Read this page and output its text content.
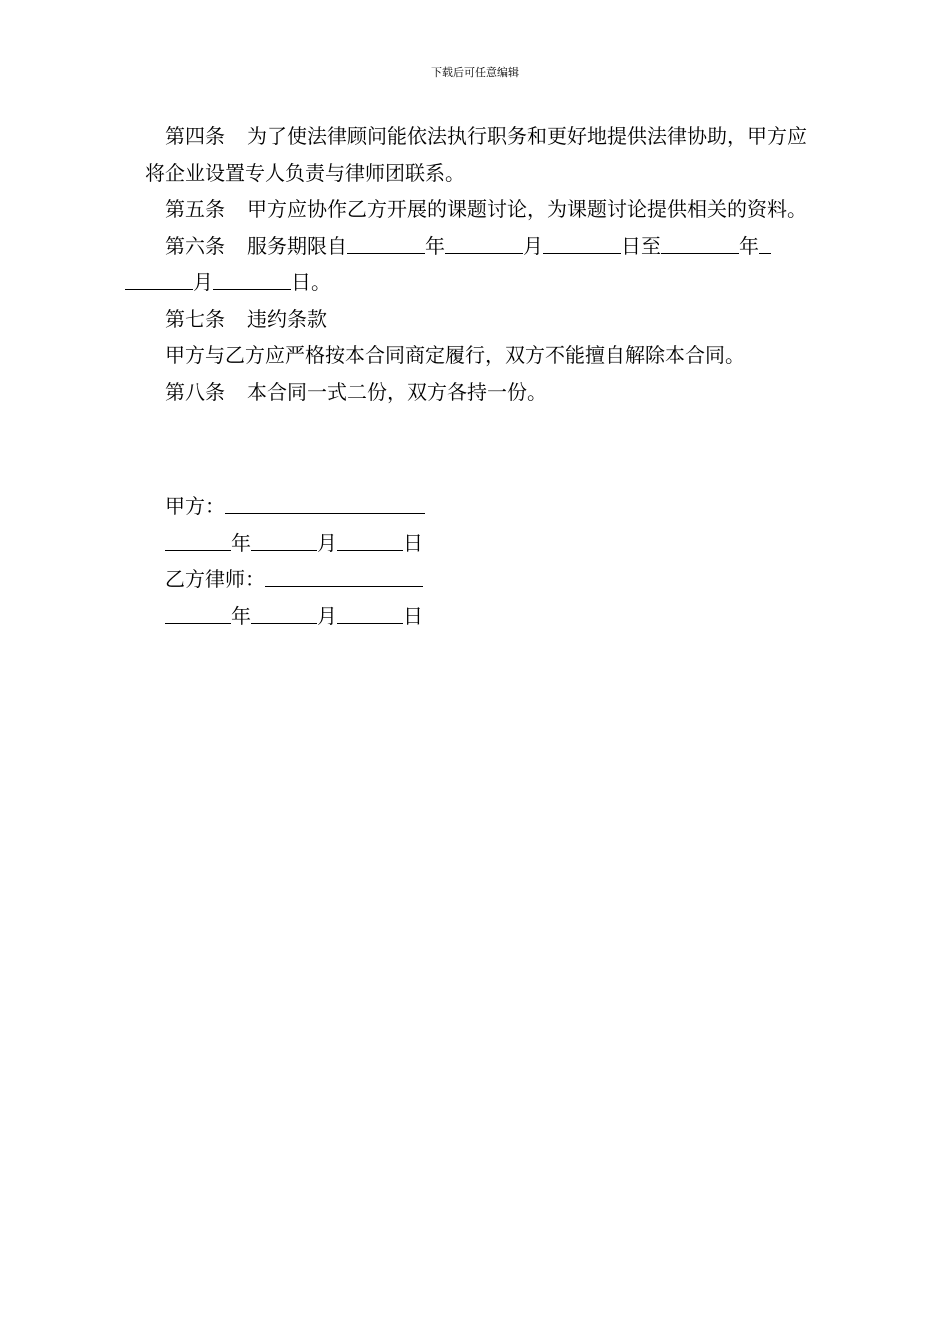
下载后可任意编辑

第四条 为了使法律顾问能依法执行职务和更好地提供法律协助，甲方应将企业设置专人负责与律师团联系。

第五条 甲方应协作乙方开展的课题讨论，为课题讨论提供相关的资料。

第六条 服务期限自	年	月	日至	年
月	日。

第七条 违约条款

甲方与乙方应严格按本合同商定履行，双方不能擅自解除本合同。

第八条 本合同一式二份，双方各持一份。

甲方：

年	月	日

乙方律师：

年	月	日
